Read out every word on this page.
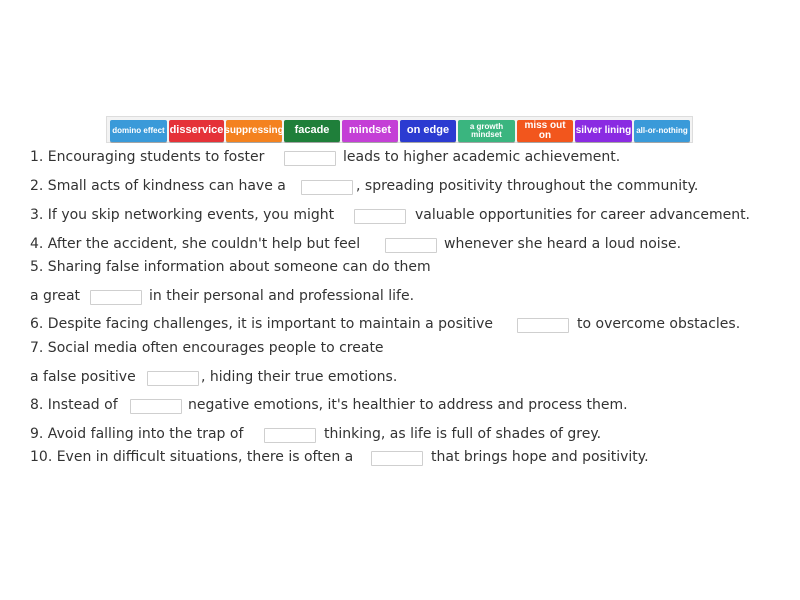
domino effect disservice suppressing facade	mindset	on edge	a growth mindset
miss out on	silver lining all-or-nothing
1. Encouraging students to foster	leads to higher academic achievement.
2. Small acts of kindness can have a	, spreading positivity throughout the community.
3. If you skip networking events, you might	valuable opportunities for career advancement.
4. After the accident, she couldn't help but feel	whenever she heard a loud noise.
5. Sharing false information about someone can do them
a great	in their personal and professional life.
6. Despite facing challenges, it is important to maintain a positive	to overcome obstacles.
7. Social media often encourages people to create
a false positive	, hiding their true emotions.
8. Instead of	negative emotions, it's healthier to address and process them.
9. Avoid falling into the trap of	thinking, as life is full of shades of grey.
10. Even in difficult situations, there is often a	that brings hope and positivity.
